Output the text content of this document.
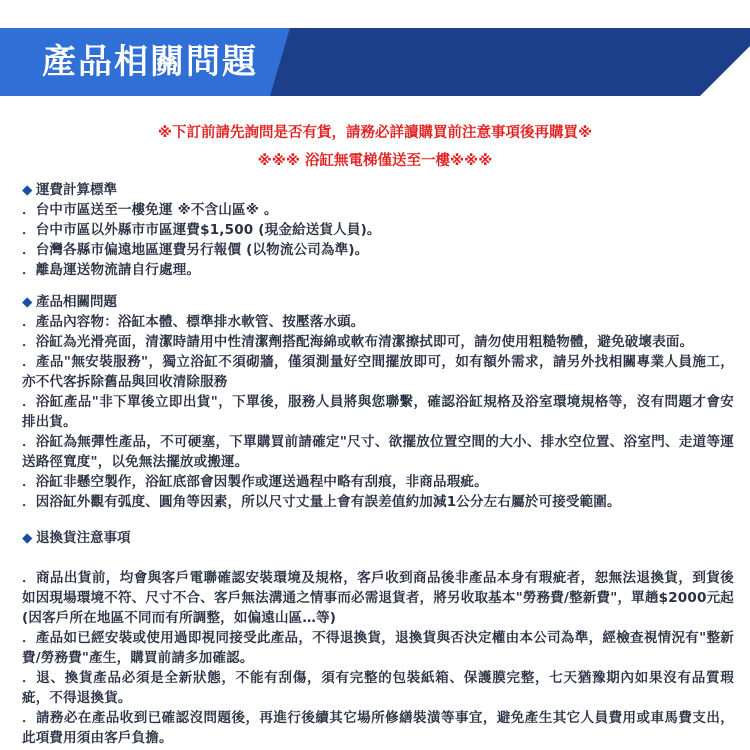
產品相關問題
※下訂前請先詢問是否有貨，請務必詳讀購買前注意事項後再購買※
※※※ 浴缸無電梯僅送至一樓※※※
◆ 運費計算標準

．台中市區送至一樓免運 ※不含山區※ 。

．台中市區以外縣市市區運費$1,500 (現金給送貨人員)。

．台灣各縣市偏遠地區運費另行報價 (以物流公司為準)。

．離島運送物流請自行處理。

◆ 產品相關問題

．產品內容物：浴缸本體、標準排水軟管、按壓落水頭。

．浴缸為光滑亮面，清潔時請用中性清潔劑搭配海綿或軟布清潔擦拭即可，請勿使用粗糙物體，避免破壞表面。

．產品"無安裝服務"，獨立浴缸不須砌牆，僅須測量好空間擺放即可，如有額外需求，請另外找相關專業人員施工，亦不代客拆除舊品與回收清除服務

．浴缸產品"非下單後立即出貨"，下單後，服務人員將與您聯繫，確認浴缸規格及浴室環境規格等，沒有問題才會安排出貨。

．浴缸為無彈性產品，不可硬塞，下單購買前請確定"尺寸、欲擺放位置空間的大小、排水空位置、浴室門、走道等運送路徑寬度"，以免無法擺放或搬運。

．浴缸非懸空製作，浴缸底部會因製作或運送過程中略有刮痕，非商品瑕疵。

．因浴缸外觀有弧度、圓角等因素，所以尺寸丈量上會有誤差值約加減1公分左右屬於可接受範圍。

◆ 退換貨注意事項

．商品出貨前，均會與客戶電聯確認安裝環境及規格，客戶收到商品後非產品本身有瑕疵者，恕無法退換貨，到貨後如因現場環境不符、尺寸不合、客戶無法溝通之情事而必需退貨者，將另收取基本"勞務費/整新費"，單趟$2000元起(因客戶所在地區不同而有所調整，如偏遠山區…等)

．產品如已經安裝或使用過即視同接受此產品，不得退換貨，退換貨與否決定權由本公司為準，經檢查視情況有"整新費/勞務費"產生，購買前請多加確認。

．退、換貨產品必須是全新狀態，不能有刮傷，須有完整的包裝紙箱、保護膜完整，七天猶豫期內如果沒有品質瑕疵，不得退換貨。

．請務必在產品收到已確認沒問題後，再進行後續其它場所修繕裝潢等事宜，避免產生其它人員費用或車馬費支出，此項費用須由客戶負擔。
